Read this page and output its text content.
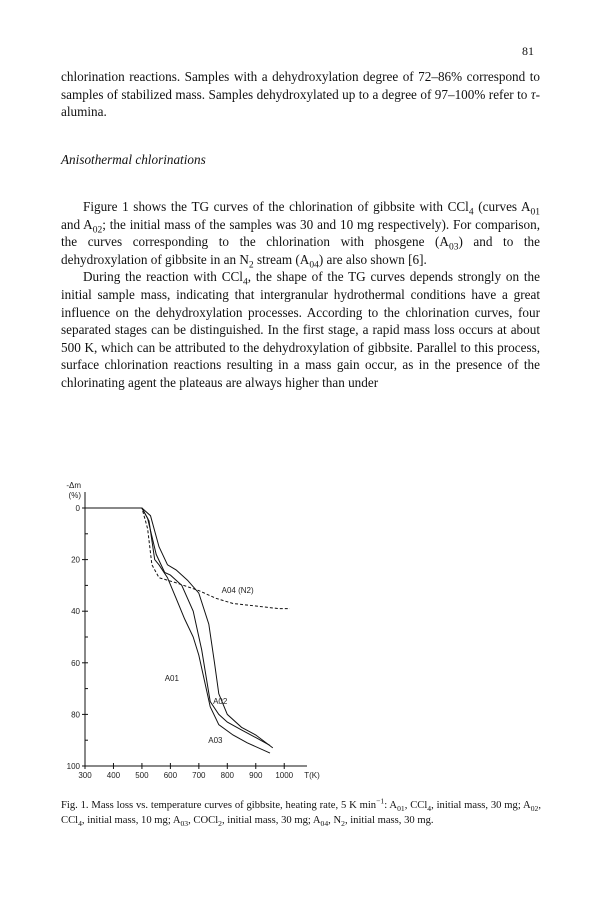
81

chlorination reactions. Samples with a dehydroxylation degree of 72–86% correspond to samples of stabilized mass. Samples dehydroxylated up to a degree of 97–100% refer to τ-alumina.

Anisothermal chlorinations

Figure 1 shows the TG curves of the chlorination of gibbsite with CCl$_4$ (curves $A_{01}$ and $A_{02}$; the initial mass of the samples was 30 and 10 mg respectively). For comparison, the curves corresponding to the chlorination with phosgene $(A_{03})$ and to the dehydroxylation of gibbsite in an $N_2$ stream $(A_{04})$ are also shown [6].

During the reaction with CCl$_4$, the shape of the TG curves depends strongly on the initial sample mass, indicating that intergranular hydrothermal conditions have a great influence on the dehydroxylation processes. According to the chlorination curves, four separated stages can be distinguished. In the first stage, a rapid mass loss occurs at about 500 K, which can be attributed to the dehydroxylation of gibbsite. Parallel to this process, surface chlorination reactions resulting in a mass gain occur, as in the presence of the chlorinating agent the plateaus are always higher than under

0
20
40
60
80
100
300 400 500 600 700 800 900 1000 T(K)
-Δm
(%)
A01
A02
A03
A04 (N2)
Fig. 1. Mass loss vs. temperature curves of gibbsite, heating rate, 5 K $\min^{-1}$: $A_{01}$, CCl$_4$, initial mass, 30 mg; $A_{02}$, CCl$_4$, initial mass, 10 mg; $A_{03}$, COCl$_2$, initial mass, 30 mg; $A_{04}$, $N_2$, initial mass, 30 mg.
